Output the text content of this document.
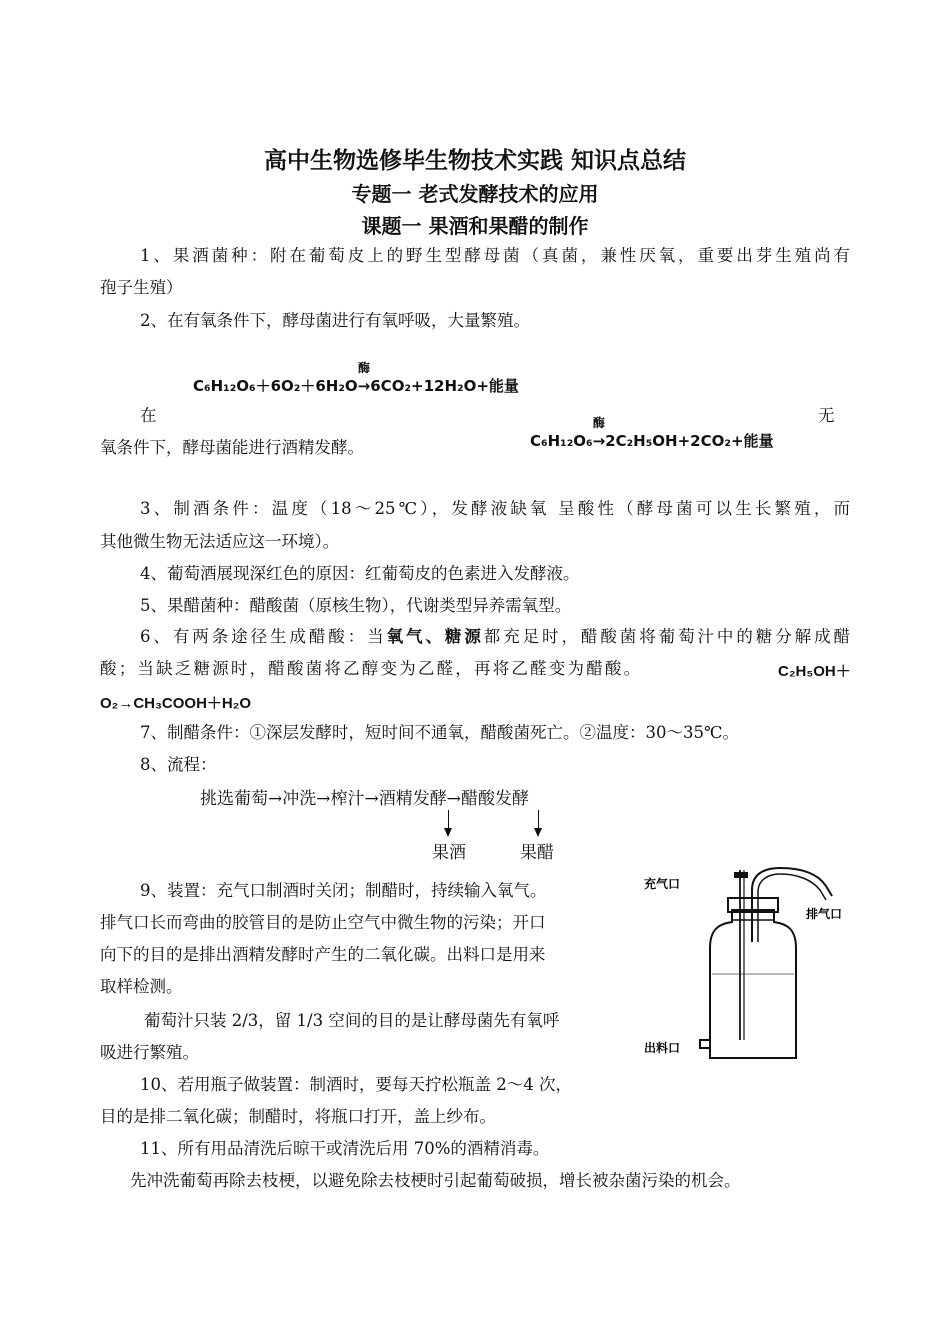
高中生物选修毕生物技术实践 知识点总结
专题一 老式发酵技术的应用
课题一 果酒和果醋的制作
1、果酒菌种：附在葡萄皮上的野生型酵母菌（真菌，兼性厌氧，重要出芽生殖尚有
孢子生殖）
2、在有氧条件下，酵母菌进行有氧呼吸，大量繁殖。
C₆H₁₂O₆＋6O₂＋6H₂O
酶
→6CO₂+12H₂O+能量
在	无
氧条件下，酵母菌能进行酒精发酵。	C₆H₁₂O₆
酶
→2C₂H₅OH+2CO₂+能量
3、制酒条件：温度（18～25℃），发酵液缺氧 呈酸性（酵母菌可以生长繁殖，而
其他微生物无法适应这一环境）。
4、葡萄酒展现深红色的原因：红葡萄皮的色素进入发酵液。
5、果醋菌种：醋酸菌（原核生物），代谢类型异养需氧型。
6、有两条途径生成醋酸：当氧气、糖源都充足时，醋酸菌将葡萄汁中的糖分解成醋
酸；当缺乏糖源时，醋酸菌将乙醇变为乙醛，再将乙醛变为醋酸。	C₂H₅OH＋
O₂→CH₃COOH＋H₂O
7、制醋条件：①深层发酵时，短时间不通氧，醋酸菌死亡。②温度：30～35℃。
8、流程：
挑选葡萄→冲洗→榨汁→酒精发酵→醋酸发酵
果酒	果醋
9、装置：充气口制酒时关闭；制醋时，持续输入氧气。
排气口长而弯曲的胶管目的是防止空气中微生物的污染；开口
向下的目的是排出酒精发酵时产生的二氧化碳。出料口是用来
取样检测。
葡萄汁只装 2/3，留 1/3 空间的目的是让酵母菌先有氧呼
吸进行繁殖。
10、若用瓶子做装置：制酒时，要每天拧松瓶盖 2～4 次，
目的是排二氧化碳；制醋时，将瓶口打开，盖上纱布。
11、所有用品清洗后晾干或清洗后用 70%的酒精消毒。
先冲洗葡萄再除去枝梗，以避免除去枝梗时引起葡萄破损，增长被杂菌污染的机会。
充气口
排气口
出料口
